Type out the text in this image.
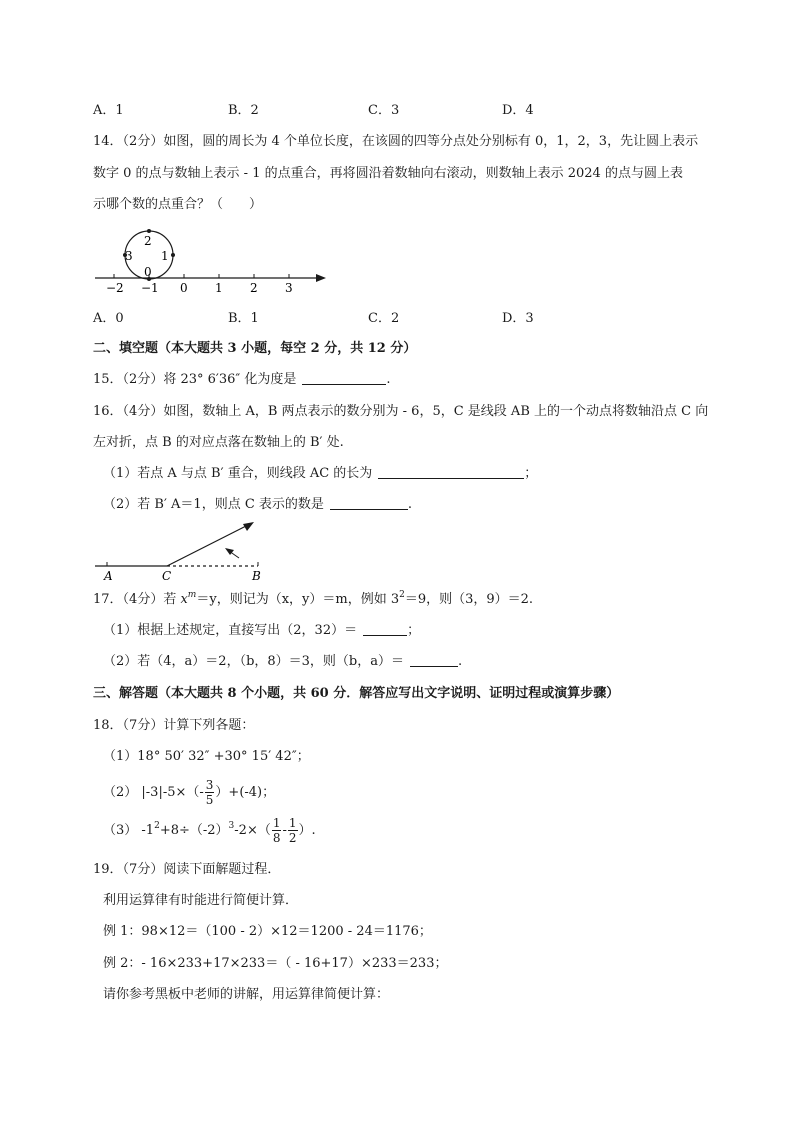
A．1	B．2	C．3	D．4
14．（2分）如图，圆的周长为 4 个单位长度，在该圆的四等分点处分别标有 0，1，2，3，先让圆上表示
数字 0 的点与数轴上表示 - 1 的点重合，再将圆沿着数轴向右滚动，则数轴上表示 2024 的点与圆上表
示哪个数的点重合？（　　）
2
3 1
0
−2 −1 0 1 2 3
A．0	B．1	C．2	D．3
二、填空题（本大题共 3 小题，每空 2 分，共 12 分）
15．（2分）将 23° 6′36″ 化为度是	.
16．（4分）如图，数轴上 A，B 两点表示的数分别为 - 6，5，C 是线段 AB 上的一个动点将数轴沿点 C 向
左对折，点 B 的对应点落在数轴上的 B′ 处.
（1）若点 A 与点 B′ 重合，则线段 AC 的长为	；
（2）若 B′ A＝1，则点 C 表示的数是	.
A	C	B
17．（4分）若 $x^m=y$，则记为（x，y）＝m，例如 $3^2=9$，则（3，9）＝2.
（1）根据上述规定，直接写出（2，32）＝	；
（2）若（4，a）＝2，（b，8）＝3，则（b，a）＝	.
三、解答题（本大题共 8 个小题，共 60 分．解答应写出文字说明、证明过程或演算步骤）
18．（7分）计算下列各题：
（1）18° 50′ 32″ +30° 15′ 42″；
（2） $|-3|-5\times(- \frac{3}{5} )+(-4)$；
（3） $-1^2+8\div(-2)^3-2\times( \frac{1}{8} - \frac{1}{2}$ ）.
19．（7分）阅读下面解题过程．
利用运算律有时能进行简便计算．
例 1：98×12＝（100 - 2）×12＝1200 - 24＝1176；
例 2：- 16×233+17×233＝（ - 16+17）×233＝233；
请你参考黑板中老师的讲解，用运算律简便计算：
